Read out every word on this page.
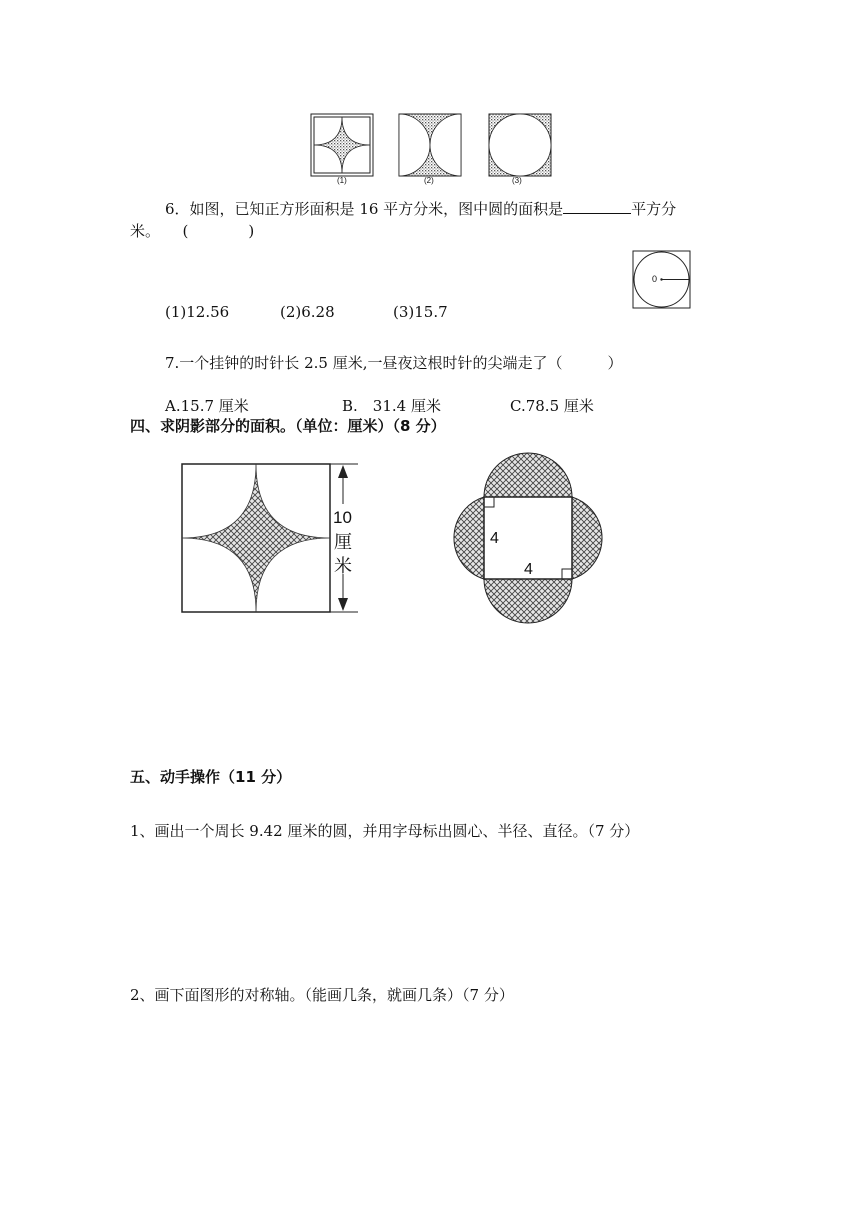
(1)	(2)	(3)
6．如图，已知正方形面积是 16 平方分米，图中圆的面积是	平方分
米。　　(　　　　)
0
(1)12.56	(2)6.28	(3)15.7
7.一个挂钟的时针长 2.5 厘米,一昼夜这根时针的尖端走了（　　　）
A.15.7 厘米	B.　31.4 厘米	C.78.5 厘米
四、求阴影部分的面积。（单位：厘米）（8 分）
10
厘
米
4
4
五、动手操作（11 分）
1、画出一个周长 9.42 厘米的圆，并用字母标出圆心、半径、直径。（7 分）
2、画下面图形的对称轴。（能画几条，就画几条）（7 分）
